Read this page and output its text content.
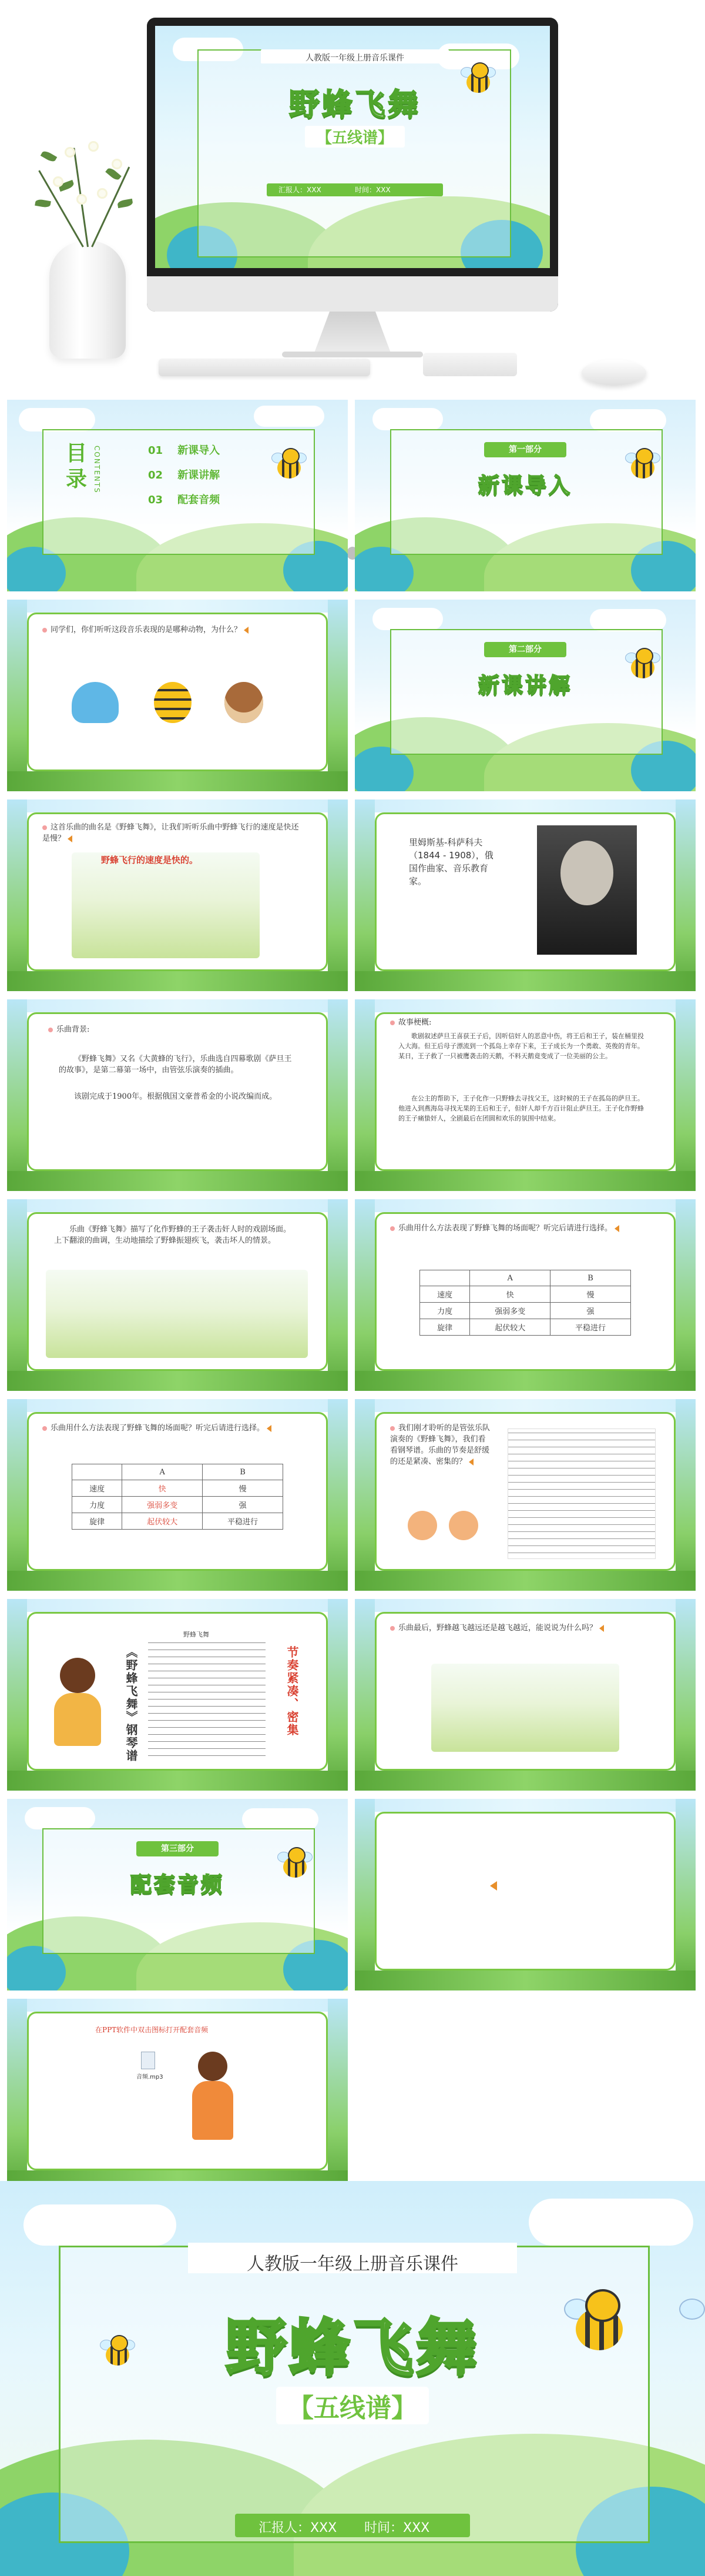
人教版一年级上册音乐课件
野蜂飞舞
【五线谱】
汇报人：XXX	时间：XXX
目录 CONTENTS	01 新课导入
02 新课讲解
03 配套音频
第一部分
新课导入
同学们，你们听听这段音乐表现的是哪种动物，为什么？
第二部分
新课讲解
这首乐曲的曲名是《野蜂飞舞》，让我们听听乐曲中野蜂飞行的速度是快还是慢？
野蜂飞行的速度是快的。
里姆斯基-科萨科夫（1844 - 1908），俄国作曲家、音乐教育家。
乐曲背景:
《野蜂飞舞》又名《大黄蜂的飞行》，乐曲选自四幕歌剧《萨旦王的故事》，是第二幕第一场中，由管弦乐演奏的插曲。
该剧完成于1900年。根据俄国文豪普希金的小说改编而成。
故事梗概:
歌剧叙述萨旦王喜获王子后，因听信奸人的恶意中伤，将王后和王子，装在桶里投入大海。但王后母子漂流到一个孤岛上幸存下来，王子成长为一个勇敢、英俊的青年。某日，王子救了一只被鹰袭击的天鹅，不料天鹅竟变成了一位美丽的公主。
在公主的帮助下，王子化作一只野蜂去寻找父王，这时候的王子在孤岛的萨旦王。他进入到燕海岛寻找无果的王后和王子，但奸人却千方百计阻止萨旦王。王子化作野蜂的王子痛蛰奸人，全剧最后在团圆和欢乐的氛围中结束。
乐曲《野蜂飞舞》描写了化作野蜂的王子袭击奸人时的戏剧场面。上下翻滚的曲调，生动地描绘了野蜂振翅疾飞，袭击坏人的情景。
乐曲用什么方法表现了野蜂飞舞的场面呢？听完后请进行选择。
	A	B
速度	快	慢
力度	强弱多变	强
旋律	起伏较大	平稳进行
乐曲用什么方法表现了野蜂飞舞的场面呢？听完后请进行选择。
	A	B
速度	快	慢
力度	强弱多变	强
旋律	起伏较大	平稳进行
我们刚才聆听的是管弦乐队演奏的《野蜂飞舞》，我们看看钢琴谱。乐曲的节奏是舒缓的还是紧凑、密集的？
《野蜂飞舞》钢琴谱
野蜂飞舞
节奏紧凑、密集
乐曲最后，野蜂越飞越远还是越飞越近，能说说为什么吗？
第三部分
配套音频
在PPT软件中双击图标打开配套音频
音频.mp3
人教版一年级上册音乐课件
野蜂飞舞
【五线谱】
汇报人：XXX 时间：XXX
